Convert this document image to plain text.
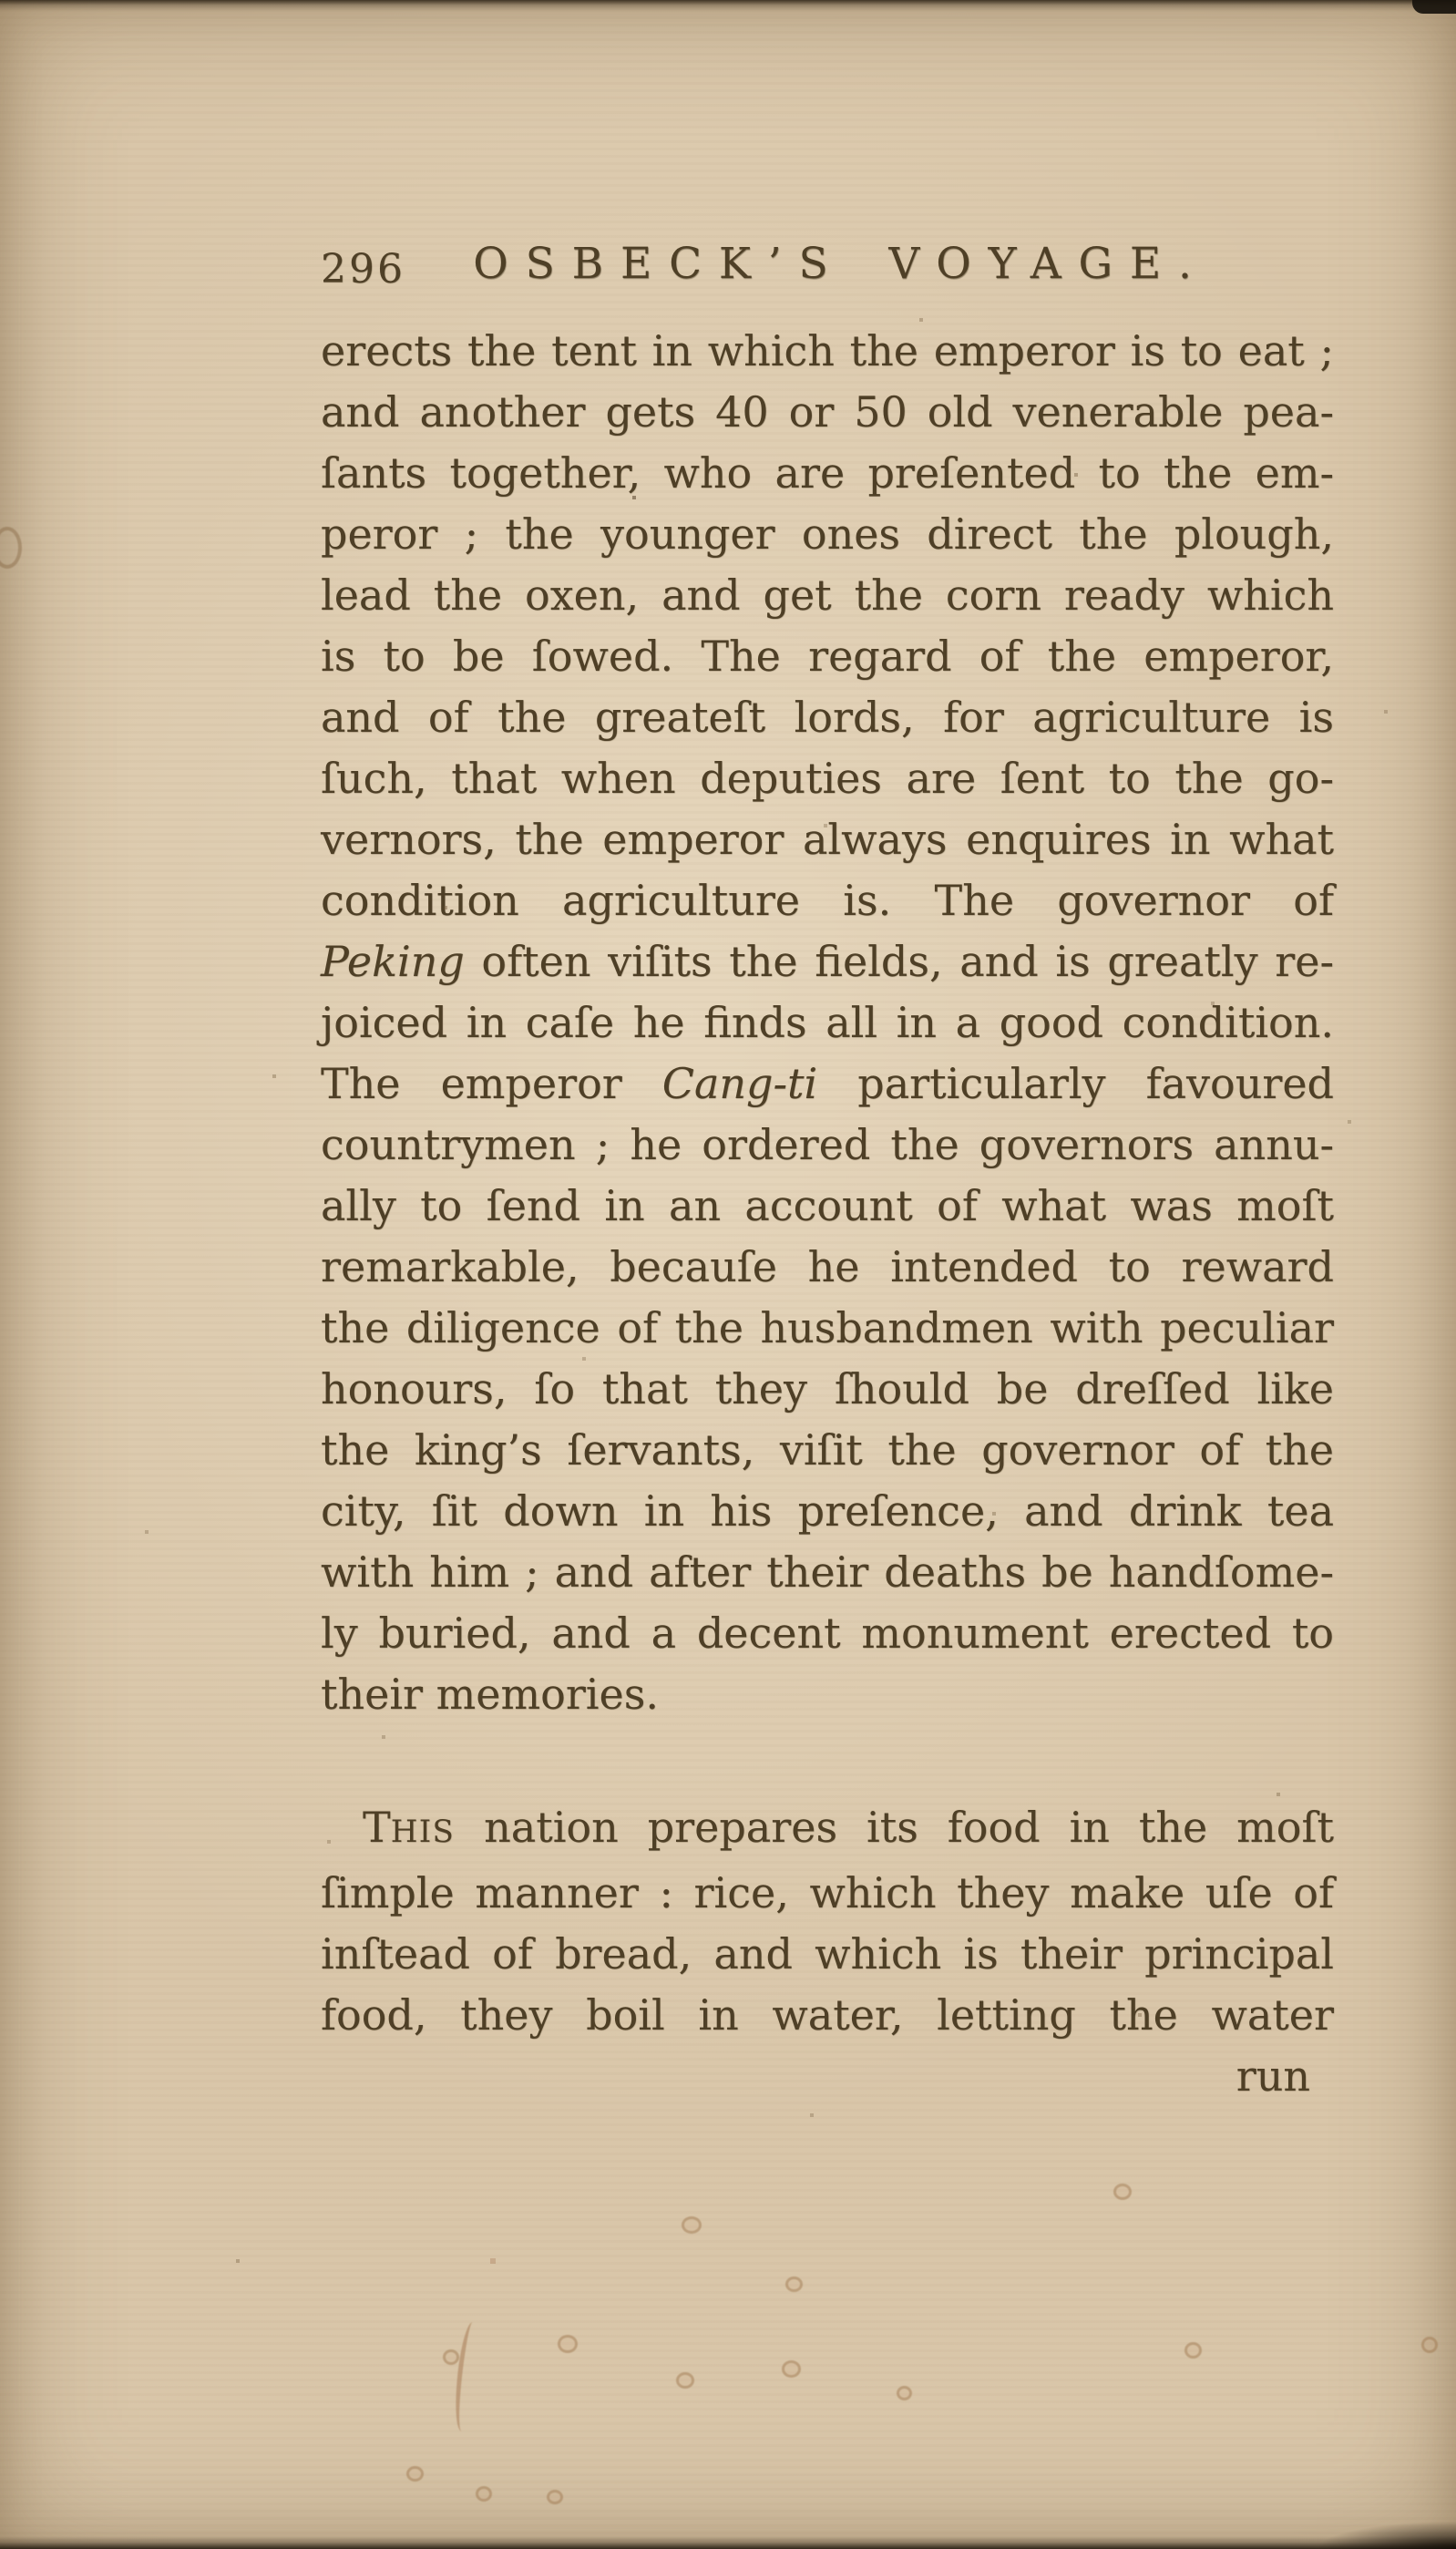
296	OSBECK’S VOYAGE.
erects the tent in which the emperor is to eat ;
and another gets 40 or 50 old venerable pea-
ſants together, who are preſented to the em-
peror ; the younger ones direct the plough,
lead the oxen, and get the corn ready which
is to be ſowed. The regard of the emperor,
and of the greateſt lords, for agriculture is
ſuch, that when deputies are ſent to the go-
vernors, the emperor always enquires in what
condition agriculture is. The governor of
Peking often viſits the fields, and is greatly re-
joiced in caſe he finds all in a good condition.
The emperor Cang-ti particularly favoured
countrymen ; he ordered the governors annu-
ally to ſend in an account of what was moſt
remarkable, becauſe he intended to reward
the diligence of the husbandmen with peculiar
honours, ſo that they ſhould be dreſſed like
the king’s ſervants, viſit the governor of the
city, ſit down in his preſence, and drink tea
with him ; and after their deaths be handſome-
ly buried, and a decent monument erected to
their memories.
THIS nation prepares its food in the moſt
ſimple manner : rice, which they make uſe of
inſtead of bread, and which is their principal
food, they boil in water, letting the water
run
